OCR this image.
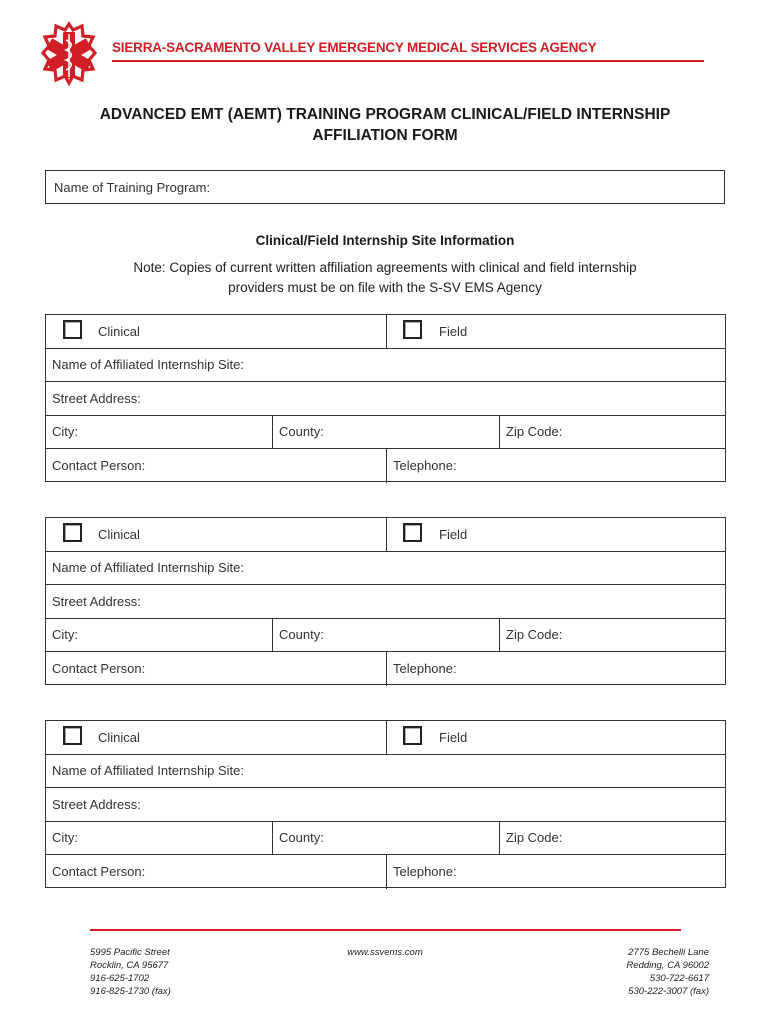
SIERRA-SACRAMENTO VALLEY EMERGENCY MEDICAL SERVICES AGENCY
ADVANCED EMT (AEMT) TRAINING PROGRAM CLINICAL/FIELD INTERNSHIP
AFFILIATION FORM
Name of Training Program:
Clinical/Field Internship Site Information
Note: Copies of current written affiliation agreements with clinical and field internship
providers must be on file with the S-SV EMS Agency
Clinical	Field
Name of Affiliated Internship Site:
Street Address:
City:	County:	Zip Code:
Contact Person:	Telephone:
Clinical	Field
Name of Affiliated Internship Site:
Street Address:
City:	County:	Zip Code:
Contact Person:	Telephone:
Clinical	Field
Name of Affiliated Internship Site:
Street Address:
City:	County:	Zip Code:
Contact Person:	Telephone:
5995 Pacific Street
Rocklin, CA 95677
916-625-1702
916-825-1730 (fax)
www.ssvems.com	2775 Bechelli Lane
Redding, CA 96002
530-722-6617
530-222-3007 (fax)
